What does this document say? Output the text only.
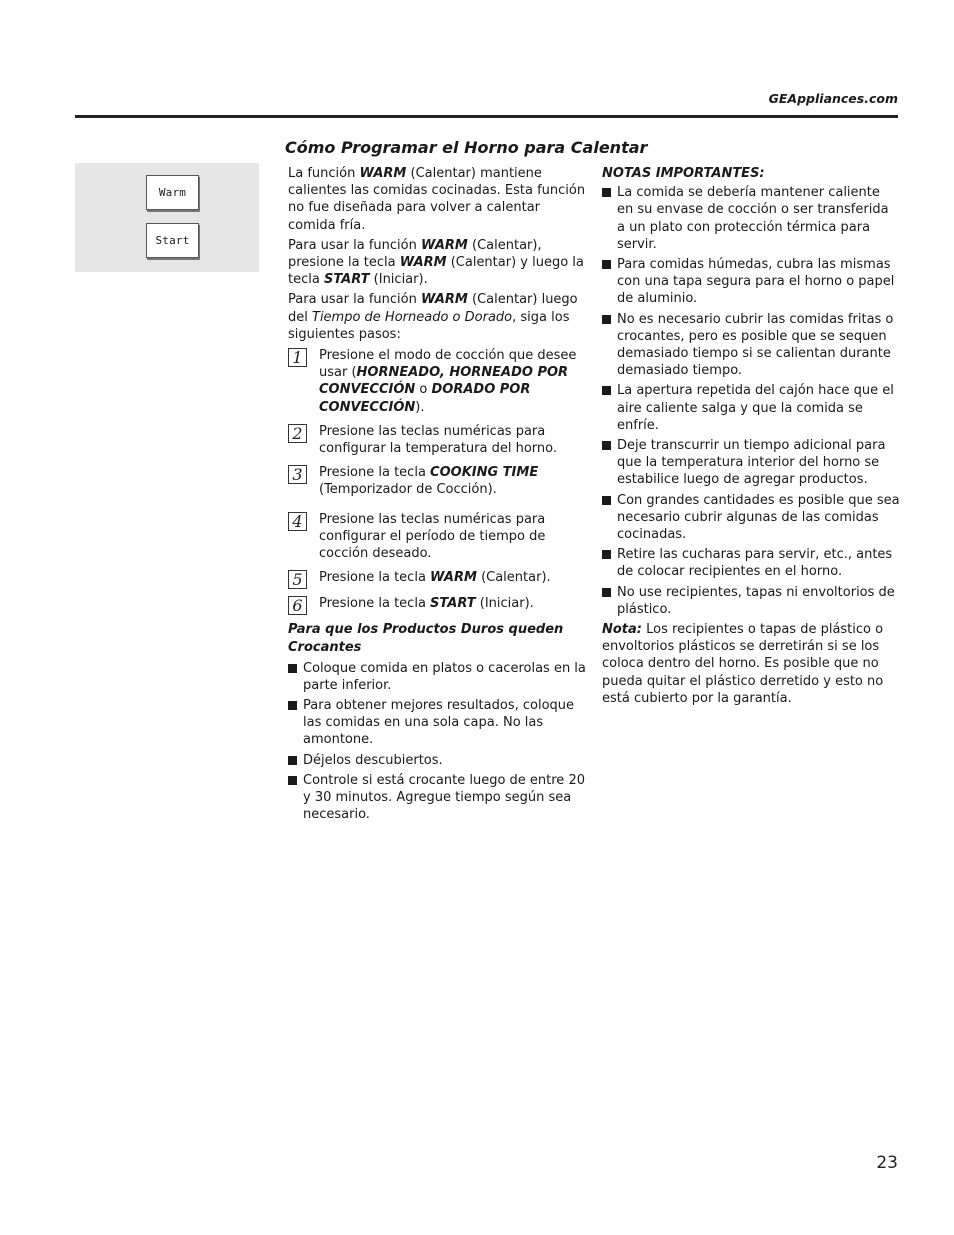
GEAppliances.com
Cómo Programar el Horno para Calentar
Warm
Start

La función WARM (Calentar) mantiene calientes las comidas cocinadas. Esta función no fue diseñada para volver a calentar comida fría.

Para usar la función WARM (Calentar), presione la tecla WARM (Calentar) y luego la tecla START (Iniciar).

Para usar la función WARM (Calentar) luego del Tiempo de Horneado o Dorado, siga los siguientes pasos:

1	Presione el modo de cocción que desee usar (HORNEADO, HORNEADO POR CONVECCIÓN o DORADO POR CONVECCIÓN).
2	Presione las teclas numéricas para configurar la temperatura del horno.
3	Presione la tecla COOKING TIME (Temporizador de Cocción).
4	Presione las teclas numéricas para configurar el período de tiempo de cocción deseado.
5	Presione la tecla WARM (Calentar).
6	Presione la tecla START (Iniciar).
Para que los Productos Duros queden Crocantes
Coloque comida en platos o cacerolas en la parte inferior.
Para obtener mejores resultados, coloque las comidas en una sola capa. No las amontone.
Déjelos descubiertos.
Controle si está crocante luego de entre 20 y 30 minutos. Agregue tiempo según sea necesario.

NOTAS IMPORTANTES:

La comida se debería mantener caliente en su envase de cocción o ser transferida a un plato con protección térmica para servir.
Para comidas húmedas, cubra las mismas con una tapa segura para el horno o papel de aluminio.
No es necesario cubrir las comidas fritas o crocantes, pero es posible que se sequen demasiado tiempo si se calientan durante demasiado tiempo.
La apertura repetida del cajón hace que el aire caliente salga y que la comida se enfríe.
Deje transcurrir un tiempo adicional para que la temperatura interior del horno se estabilice luego de agregar productos.
Con grandes cantidades es posible que sea necesario cubrir algunas de las comidas cocinadas.
Retire las cucharas para servir, etc., antes de colocar recipientes en el horno.
No use recipientes, tapas ni envoltorios de plástico.

Nota: Los recipientes o tapas de plástico o envoltorios plásticos se derretirán si se los coloca dentro del horno. Es posible que no pueda quitar el plástico derretido y esto no está cubierto por la garantía.

23
